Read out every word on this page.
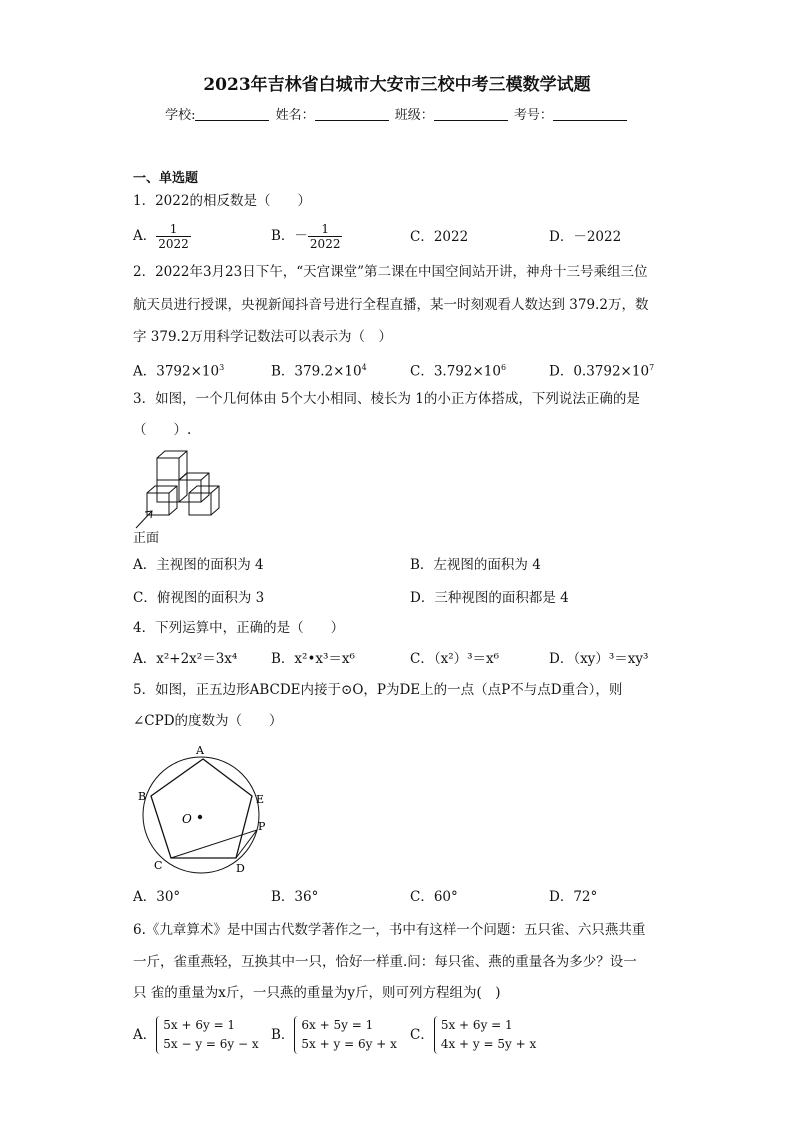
2023年吉林省白城市大安市三校中考三模数学试题
学校:	姓名：	班级：	考号：
一、单选题
1．2022的相反数是（　　）
A． $\frac{1}{2022}$	B．－ $\frac{1}{2022}$	C．2022	D．－2022
2．2022年3月23日下午，“天宫课堂”第二课在中国空间站开讲，神舟十三号乘组三位
航天员进行授课，央视新闻抖音号进行全程直播，某一时刻观看人数达到 379.2万，数
字 379.2万用科学记数法可以表示为（　）
A．$3792\times 10^3$	B．$379.2\times 10^4$	C．$3.792\times 10^6$	D．$0.3792\times 10^7$
3．如图，一个几何体由 5个大小相同、棱长为 1的小正方体搭成，下列说法正确的是
（　　）.
正面
A．主视图的面积为 4	B．左视图的面积为 4
C．俯视图的面积为 3	D．三种视图的面积都是 4
4．下列运算中，正确的是（　　）
A．x²+2x²＝3x⁴ B．x²•x³＝x⁶	C．（x²）³＝x⁶	D．（xy）³＝xy³
5．如图，正五边形ABCDE内接于⊙O，P为DE上的一点（点P不与点D重合），则
∠CPD的度数为（　　）
A
B
C	D
E
P
O
A．30°	B．36°	C．60°	D．72°
6.《九章算术》是中国古代数学著作之一，书中有这样一个问题：五只雀、六只燕共重
一斤，雀重燕轻，互换其中一只，恰好一样重.问：每只雀、燕的重量各为多少？设一
只 雀的重量为x斤，一只燕的重量为y斤，则可列方程组为(　)
A．
5x + 6y = 1
5x − y = 6y − x
B．
6x + 5y = 1
5x + y = 6y + x
C．
5x + 6y = 1
4x + y = 5y + x
